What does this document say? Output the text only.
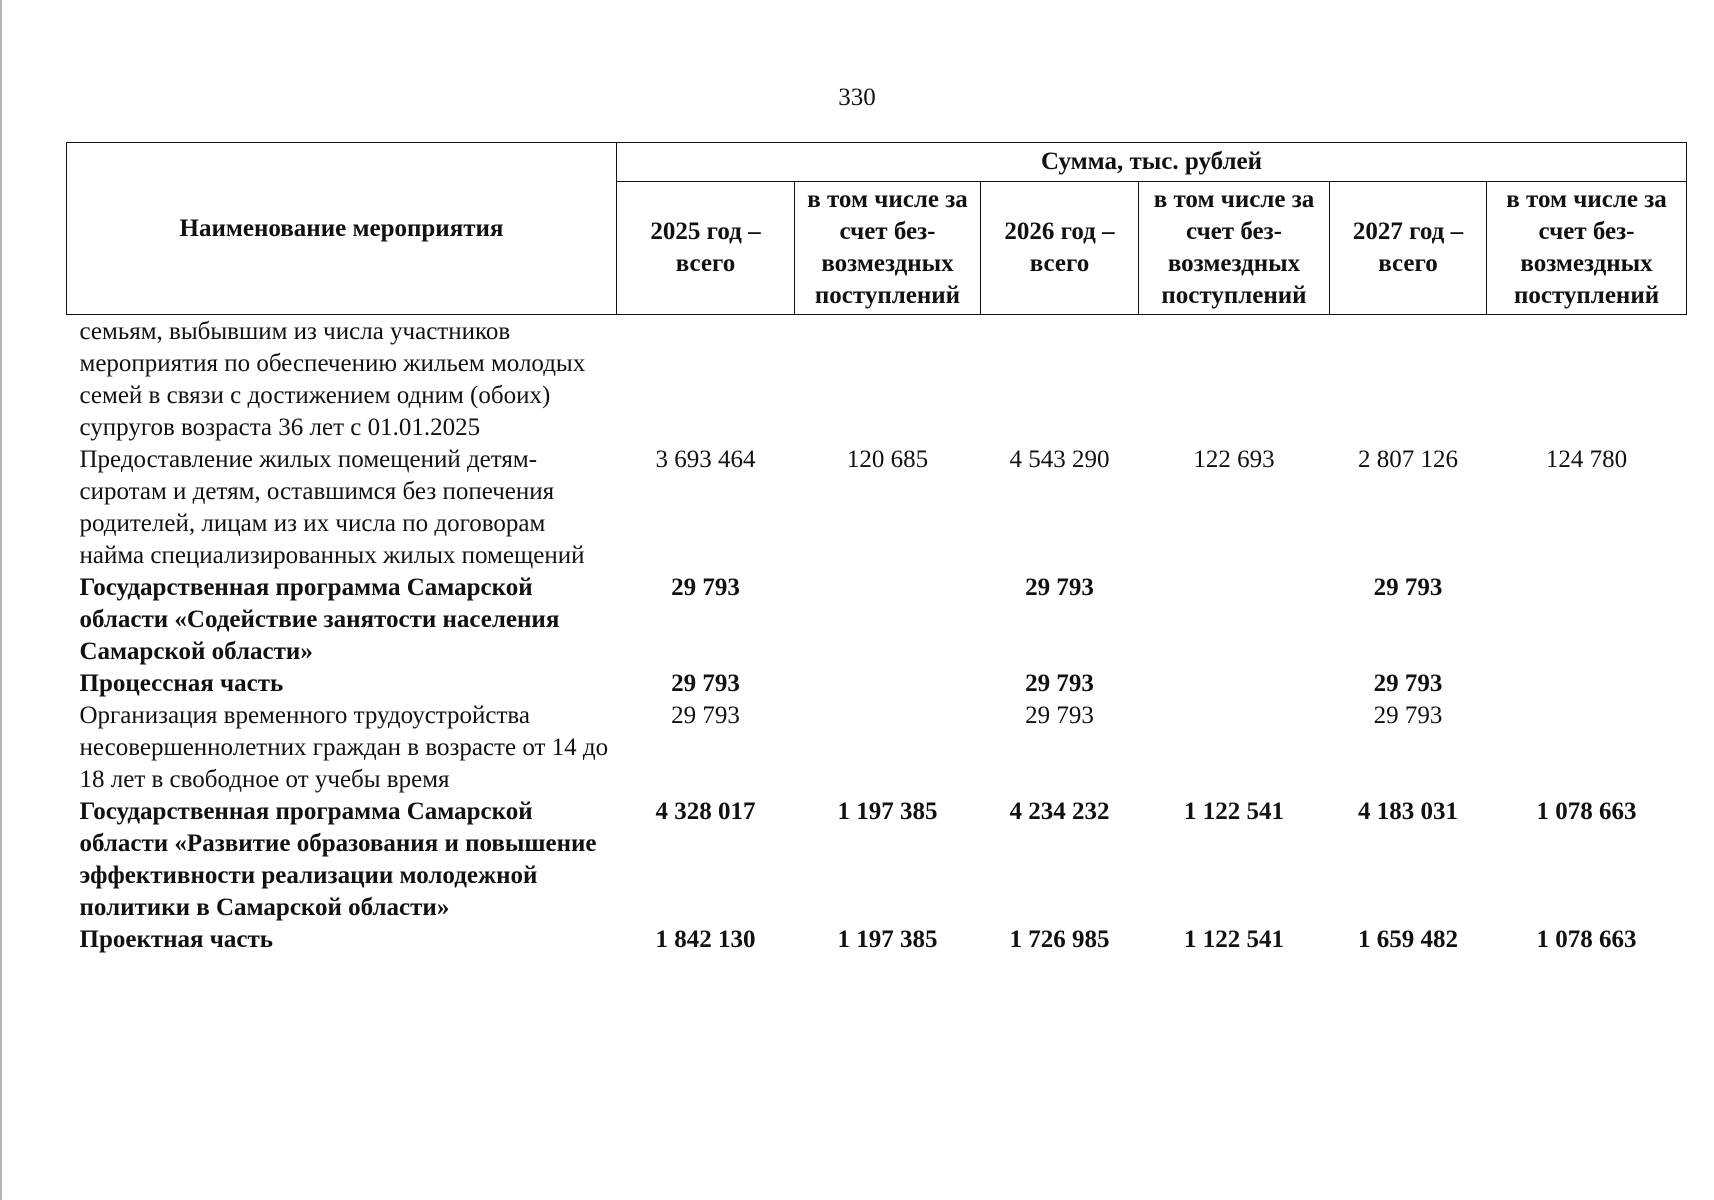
330
Наименование мероприятия	Сумма, тыс. рублей					
	2025 год – всего	в том числе за счет без-возмездных поступлений	2026 год – всего	в том числе за счет без-возмездных поступлений	2027 год – всего	в том числе за счет без-возмездных поступлений
семьям, выбывшим из числа участников мероприятия по обеспечению жильем молодых семей в связи с достижением одним (обоих) супругов возраста 36 лет с 01.01.2025						
Предоставление жилых помещений детям-сиротам и детям, оставшимся без попечения родителей, лицам из их числа по договорам найма специализированных жилых помещений	3 693 464	120 685	4 543 290	122 693	2 807 126	124 780
Государственная программа Самарской области «Содействие занятости населения Самарской области»	29 793		29 793		29 793	
Процессная часть	29 793		29 793		29 793	
Организация временного трудоустройства несовершеннолетних граждан в возрасте от 14 до 18 лет в свободное от учебы время	29 793		29 793		29 793	
Государственная программа Самарской области «Развитие образования и повышение эффективности реализации молодежной политики в Самарской области»	4 328 017	1 197 385	4 234 232	1 122 541	4 183 031	1 078 663
Проектная часть	1 842 130	1 197 385	1 726 985	1 122 541	1 659 482	1 078 663
